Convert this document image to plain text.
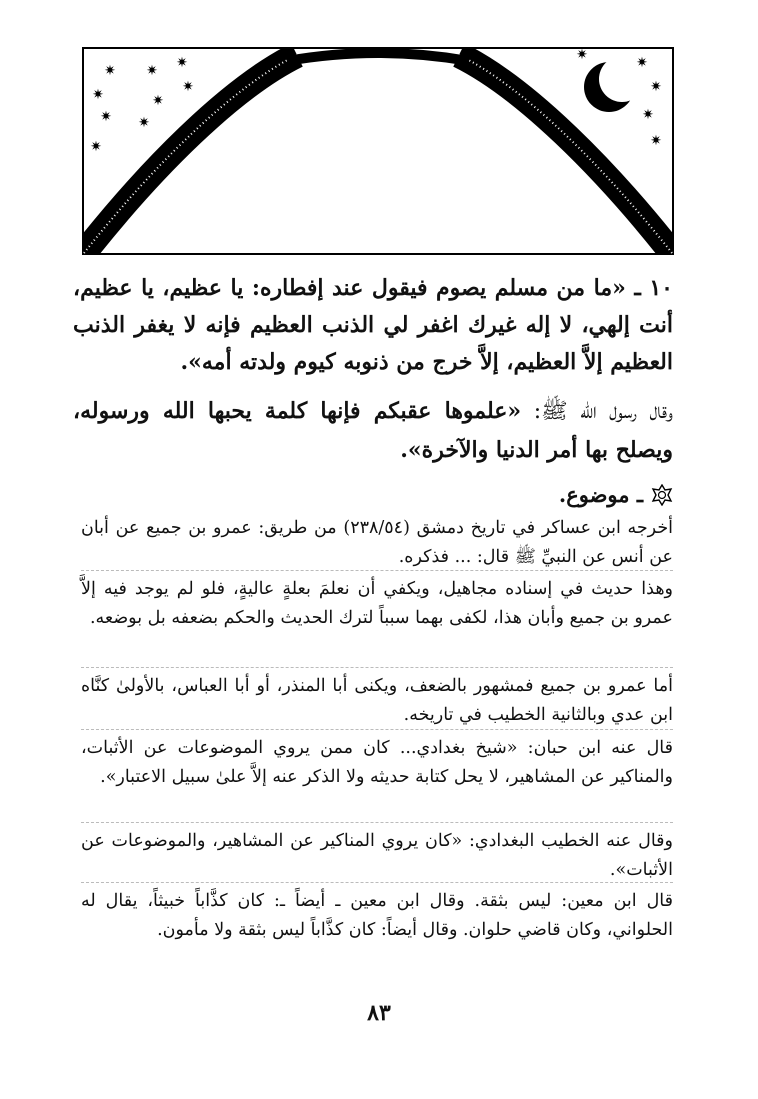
✷ ✷ ✷
✷	✷
✷
✷
✷
✷
✷
✷
✷
✷
✷
١٠ ـ «ما من مسلم يصوم فيقول عند إفطاره: يا عظيم، يا عظيم، أنت إلهي، لا إله غيرك اغفر لي الذنب العظيم فإنه لا يغفر الذنب العظيم إلاَّ العظيم، إلاَّ خرج من ذنوبه كيوم ولدته أمه».
وقال رسول الله ﷺ: «علموها عقبكم فإنها كلمة يحبها الله ورسوله، ويصلح بها أمر الدنيا والآخرة».
ـ موضوع.
أخرجه ابن عساكر في تاريخ دمشق (٢٣٨/٥٤) من طريق: عمرو بن جميع عن أبان عن أنس عن النبيِّ ﷺ قال: ... فذكره.
وهذا حديث في إسناده مجاهيل، ويكفي أن نعلمَ بعلةٍ عاليةٍ، فلو لم يوجد فيه إلاَّ عمرو بن جميع وأبان هذا، لكفى بهما سبباً لترك الحديث والحكم بضعفه بل بوضعه.
أما عمرو بن جميع فمشهور بالضعف، ويكنى أبا المنذر، أو أبا العباس، بالأولىٰ كنَّاه ابن عدي وبالثانية الخطيب في تاريخه.
قال عنه ابن حبان: «شيخ بغدادي... كان ممن يروي الموضوعات عن الأثبات، والمناكير عن المشاهير، لا يحل كتابة حديثه ولا الذكر عنه إلاَّ علىٰ سبيل الاعتبار».
وقال عنه الخطيب البغدادي: «كان يروي المناكير عن المشاهير، والموضوعات عن الأثبات».
قال ابن معين: ليس بثقة. وقال ابن معين ـ أيضاً ـ: كان كذَّاباً خبيثاً، يقال له الحلواني، وكان قاضي حلوان. وقال أيضاً: كان كذَّاباً ليس بثقة ولا مأمون.
٨٣
